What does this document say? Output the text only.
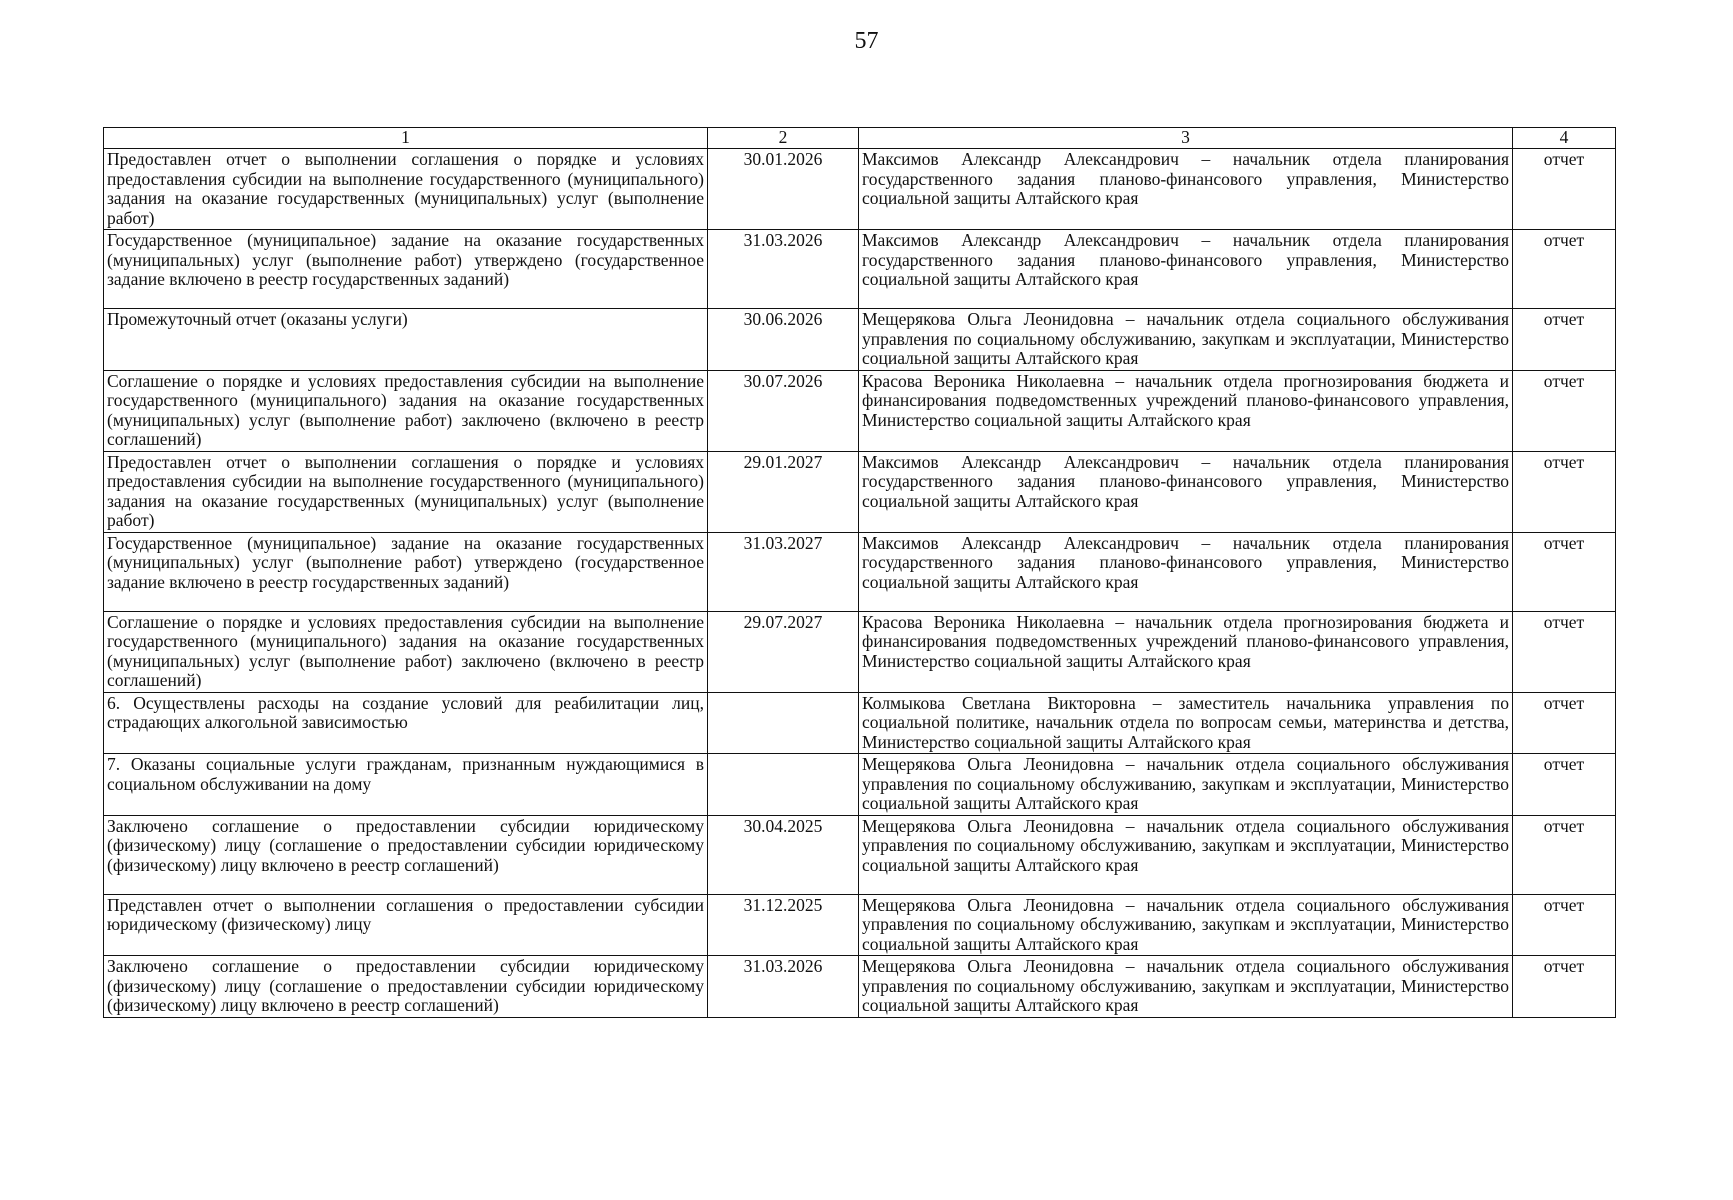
57
1	2	3	4
Предоставлен отчет о выполнении соглашения о порядке и условиях предоставления субсидии на выполнение государственного (муниципального) задания на оказание государственных (муниципальных) услуг (выполнение работ)	30.01.2026	Максимов Александр Александрович – начальник отдела планирования государственного задания планово-финансового управления, Министерство социальной защиты Алтайского края	отчет
Государственное (муниципальное) задание на оказание государственных (муниципальных) услуг (выполнение работ) утверждено (государственное задание включено в реестр государственных заданий)	31.03.2026	Максимов Александр Александрович – начальник отдела планирования государственного задания планово-финансового управления, Министерство социальной защиты Алтайского края	отчет
Промежуточный отчет (оказаны услуги)	30.06.2026	Мещерякова Ольга Леонидовна – начальник отдела социального обслуживания управления по социальному обслуживанию, закупкам и эксплуатации, Министерство социальной защиты Алтайского края	отчет
Соглашение о порядке и условиях предоставления субсидии на выполнение государственного (муниципального) задания на оказание государственных (муниципальных) услуг (выполнение работ) заключено (включено в реестр соглашений)	30.07.2026	Красова Вероника Николаевна – начальник отдела прогнозирования бюджета и финансирования подведомственных учреждений планово-финансового управления, Министерство социальной защиты Алтайского края	отчет
Предоставлен отчет о выполнении соглашения о порядке и условиях предоставления субсидии на выполнение государственного (муниципального) задания на оказание государственных (муниципальных) услуг (выполнение работ)	29.01.2027	Максимов Александр Александрович – начальник отдела планирования государственного задания планово-финансового управления, Министерство социальной защиты Алтайского края	отчет
Государственное (муниципальное) задание на оказание государственных (муниципальных) услуг (выполнение работ) утверждено (государственное задание включено в реестр государственных заданий)	31.03.2027	Максимов Александр Александрович – начальник отдела планирования государственного задания планово-финансового управления, Министерство социальной защиты Алтайского края	отчет
Соглашение о порядке и условиях предоставления субсидии на выполнение государственного (муниципального) задания на оказание государственных (муниципальных) услуг (выполнение работ) заключено (включено в реестр соглашений)	29.07.2027	Красова Вероника Николаевна – начальник отдела прогнозирования бюджета и финансирования подведомственных учреждений планово-финансового управления, Министерство социальной защиты Алтайского края	отчет
6. Осуществлены расходы на создание условий для реабилитации лиц, страдающих алкогольной зависимостью		Колмыкова Светлана Викторовна – заместитель начальника управления по социальной политике, начальник отдела по вопросам семьи, материнства и детства, Министерство социальной защиты Алтайского края	отчет
7. Оказаны социальные услуги гражданам, признанным нуждающимися в социальном обслуживании на дому		Мещерякова Ольга Леонидовна – начальник отдела социального обслуживания управления по социальному обслуживанию, закупкам и эксплуатации, Министерство социальной защиты Алтайского края	отчет
Заключено соглашение о предоставлении субсидии юридическому (физическому) лицу (соглашение о предоставлении субсидии юридическому (физическому) лицу включено в реестр соглашений)	30.04.2025	Мещерякова Ольга Леонидовна – начальник отдела социального обслуживания управления по социальному обслуживанию, закупкам и эксплуатации, Министерство социальной защиты Алтайского края	отчет
Представлен отчет о выполнении соглашения о предоставлении субсидии юридическому (физическому) лицу	31.12.2025	Мещерякова Ольга Леонидовна – начальник отдела социального обслуживания управления по социальному обслуживанию, закупкам и эксплуатации, Министерство социальной защиты Алтайского края	отчет
Заключено соглашение о предоставлении субсидии юридическому (физическому) лицу (соглашение о предоставлении субсидии юридическому (физическому) лицу включено в реестр соглашений)	31.03.2026	Мещерякова Ольга Леонидовна – начальник отдела социального обслуживания управления по социальному обслуживанию, закупкам и эксплуатации, Министерство социальной защиты Алтайского края	отчет
